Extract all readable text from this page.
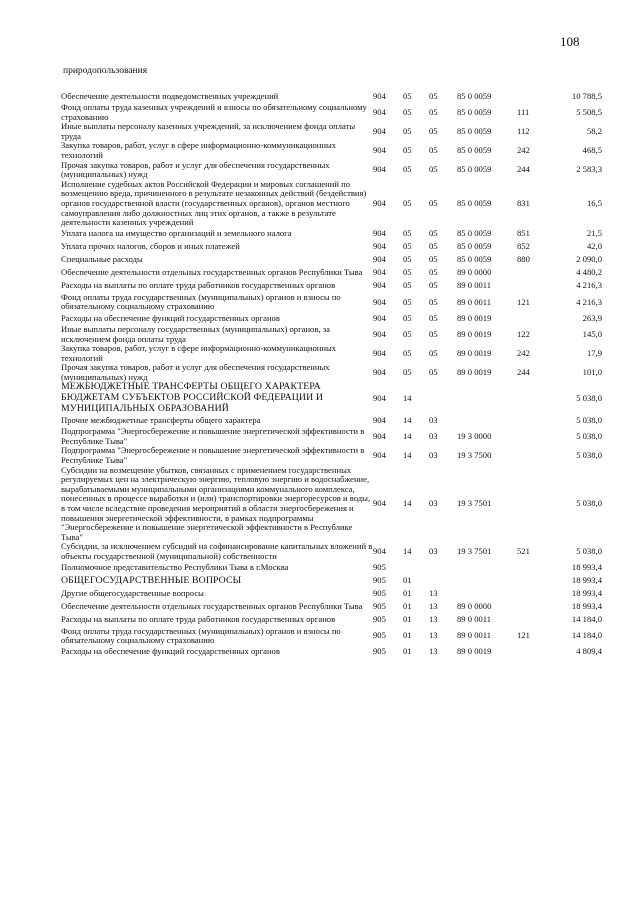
108
природопользования
Обеспечение деятельности подведомственных учреждений	904	05	05	85 0 0059		10 788,5
Фонд оплаты труда казенных учреждений и взносы по обязательному социальному страхованию	904	05	05	85 0 0059	111	5 508,5
Иные выплаты персоналу казенных учреждений, за исключением фонда оплаты труда	904	05	05	85 0 0059	112	58,2
Закупка товаров, работ, услуг в сфере информационно-коммуникационных технологий	904	05	05	85 0 0059	242	468,5
Прочая закупка товаров, работ и услуг для обеспечения государственных (муниципальных) нужд	904	05	05	85 0 0059	244	2 583,3
Исполнение судебных актов Российской Федерации и мировых соглашений по возмещению вреда, причиненного в результате незаконных действий (бездействия) органов государственной власти (государственных органов), органов местного самоуправления либо должностных лиц этих органов, а также в результате деятельности казенных учреждений	904	05	05	85 0 0059	831	16,5
Уплата налога на имущество организаций и земельного налога	904	05	05	85 0 0059	851	21,5
Уплата прочих налогов, сборов и иных платежей	904	05	05	85 0 0059	852	42,0
Специальные расходы	904	05	05	85 0 0059	880	2 090,0
Обеспечение деятельности отдельных государственных органов Республики Тыва	904	05	05	89 0 0000		4 480,2
Расходы на выплаты по оплате труда работников государственных органов	904	05	05	89 0 0011		4 216,3
Фонд оплаты труда государственных (муниципальных) органов и взносы по обязательному социальному страхованию	904	05	05	89 0 0011	121	4 216,3
Расходы на обеспечение функций государственных органов	904	05	05	89 0 0019		263,9
Иные выплаты персоналу государственных (муниципальных) органов, за исключением фонда оплаты труда	904	05	05	89 0 0019	122	145,0
Закупка товаров, работ, услуг в сфере информационно-коммуникационных технологий	904	05	05	89 0 0019	242	17,9
Прочая закупка товаров, работ и услуг для обеспечения государственных (муниципальных) нужд	904	05	05	89 0 0019	244	101,0
МЕЖБЮДЖЕТНЫЕ ТРАНСФЕРТЫ ОБЩЕГО ХАРАКТЕРА БЮДЖЕТАМ СУБЪЕКТОВ РОССИЙСКОЙ ФЕДЕРАЦИИ И МУНИЦИПАЛЬНЫХ ОБРАЗОВАНИЙ	904	14				5 038,0
Прочие межбюджетные трансферты общего характера	904	14	03			5 038,0
Подпрограмма "Энергосбережение и повышение энергетической эффективности в Республике Тыва"	904	14	03	19 3 0000		5 038,0
Подпрограмма "Энергосбережение и повышение энергетической эффективности в Республике Тыва"	904	14	03	19 3 7500		5 038,0
Субсидии на возмещение убытков, связанных с применением государственных регулируемых цен на электрическую энергию, тепловую энергию и водоснабжение, вырабатываемыми муниципальными организациями коммунального комплекса, понесенных в процессе выработки и (или) транспортировки энергоресурсов и воды, в том числе вследствие проведения мероприятий в области энергосбережения и повышения энергетической эффективности, в рамках подпрограммы "Энергосбережение и повышение энергетической эффективности в Республике Тыва"	904	14	03	19 3 7501		5 038,0
Субсидии, за исключением субсидий на софинансирование капитальных вложений в объекты государственной (муниципальной) собственности	904	14	03	19 3 7501	521	5 038,0
Полномочное представительство Республики Тыва в г.Москва	905					18 993,4
ОБЩЕГОСУДАРСТВЕННЫЕ ВОПРОСЫ	905	01				18 993,4
Другие общегосударственные вопросы	905	01	13			18 993,4
Обеспечение деятельности отдельных государственных органов Республики Тыва	905	01	13	89 0 0000		18 993,4
Расходы на выплаты по оплате труда работников государственных органов	905	01	13	89 0 0011		14 184,0
Фонд оплаты труда государственных (муниципальных) органов и взносы по обязательному социальному страхованию	905	01	13	89 0 0011	121	14 184,0
Расходы на обеспечение функций государственных органов	905	01	13	89 0 0019		4 809,4
